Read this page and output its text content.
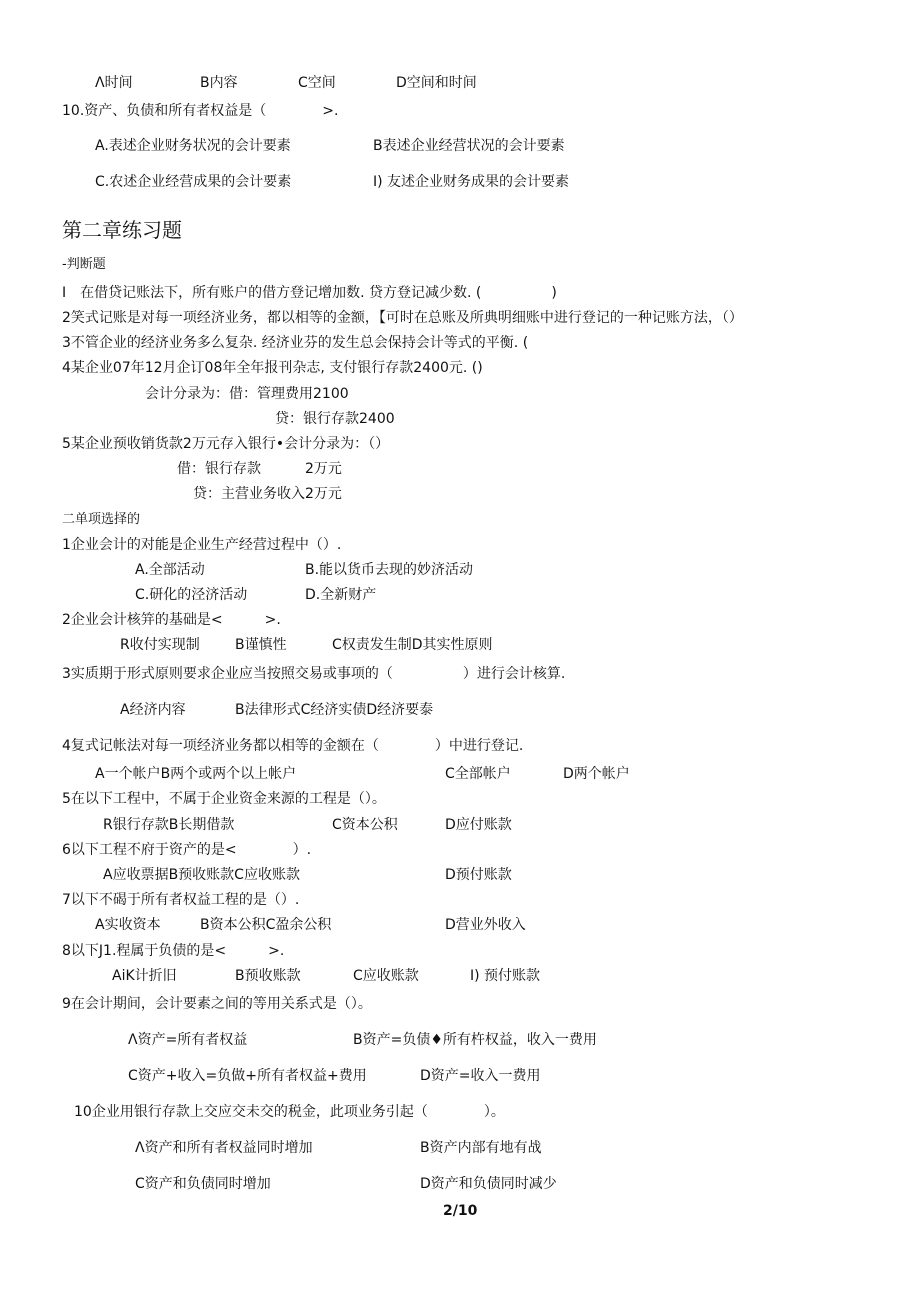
Λ时间	B内容	C空间	D空间和时间
10.资产、负债和所有者权益是（　　　　>.
A.表述企业财务状况的会计要素	B表述企业经营状况的会计要素
C.农述企业经营成果的会计要素	I) 友述企业财务成果的会计要素
第二章练习题
-判断题
I　在借贷记账法下，所有账户的借方登记增加数. 贷方登记减少数. (　　　　　)
2笑式记账是对每一项经济业务，都以相等的金额，【可时在总账及所典明细账中进行登记的一种记账方法，（）
3不管企业的经济业务多么复杂. 经济业芬的发生总会保持会计等式的平衡. (
4某企业07年12月企订08年全年报刊杂志, 支付银行存款2400元. ()
会计分录为：借：管理费用2100
贷：银行存款2400
5某企业预收销货款2万元存入银行•会计分录为：（）
借：银行存款	2万元
贷：主营业务收入2万元
二单项选择的
1企业会计的对能是企业生产经营过程中（）.
A.全部活动	B.能以货币去现的妙济活动
C.研化的泾济活动	D.全新财产
2企业会计核笄的基础是<　　　>.
R收付实现制	B谨慎性	C权责发生制D其实性原则
3实质期于形式原则要求企业应当按照交易或事项的（　　　　　）进行会计核算.
A经济内容	B法律形式C经济实债D经济要泰
4复式记帐法对每一项经济业务都以相等的金额在（　　　　）中进行登记.
A一个帐户B两个或两个以上帐户	C全部帐户	D两个帐户
5在以下工程中，不属于企业资金来源的工程是（）。
R银行存款B长期借款	C资本公积	D应付账款
6以下工程不府于资产的是<　　　　）.
A应收票据B预收账款C应收账款	D预付账款
7以下不碣于所有者权益工程的是（）.
A实收资本	B资本公积C盈余公积	D营业外收入
8以下J1.程属于负债的是<　　　>.
AiK计折旧	B预收账款	C应收账款	I) 预付账款
9在会计期间，会计要素之间的等用关系式是（）。
Λ资产=所有者权益	B资产=负债♦所有杵权益，收入一费用
C资产+收入=负做+所有者权益+费用	D资产=收入一费用
10企业用银行存款上交应交未交的税金，此项业务引起（　　　　）。
Λ资产和所有者权益同时增加	B资产内部有地有战
C资产和负债同时增加	D资产和负债同时减少
2/10
